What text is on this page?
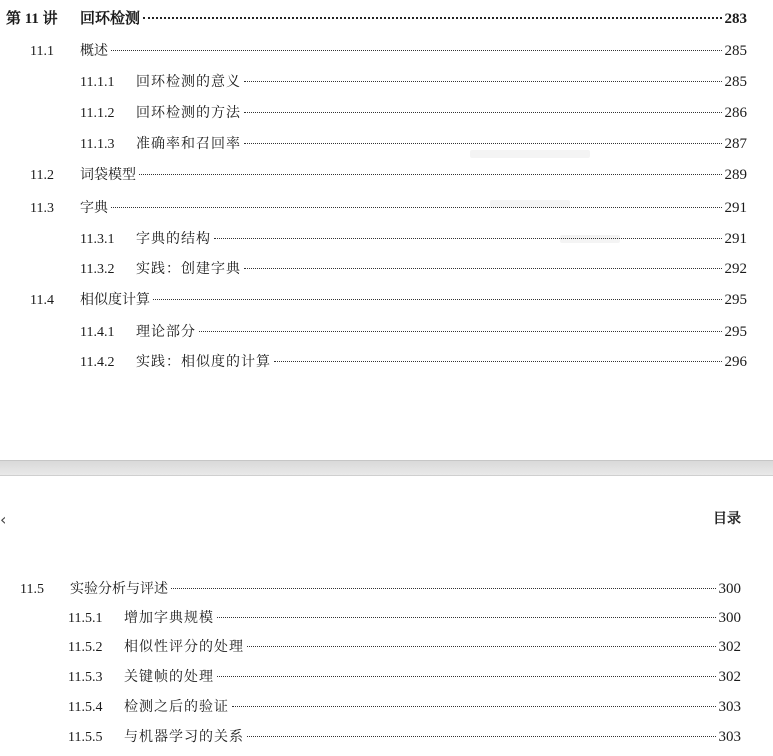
第 11 讲	回环检测	283
11.1	概述	285
11.1.1	回环检测的意义	285
11.1.2	回环检测的方法	286
11.1.3	准确率和召回率	287
11.2	词袋模型	289
11.3	字典	291
11.3.1	字典的结构	291
11.3.2	实践：创建字典	292
11.4	相似度计算	295
11.4.1	理论部分	295
11.4.2	实践：相似度的计算	296
‹	目录
11.5	实验分析与评述	300
11.5.1	增加字典规模	300
11.5.2	相似性评分的处理	302
11.5.3	关键帧的处理	302
11.5.4	检测之后的验证	303
11.5.5	与机器学习的关系	303
